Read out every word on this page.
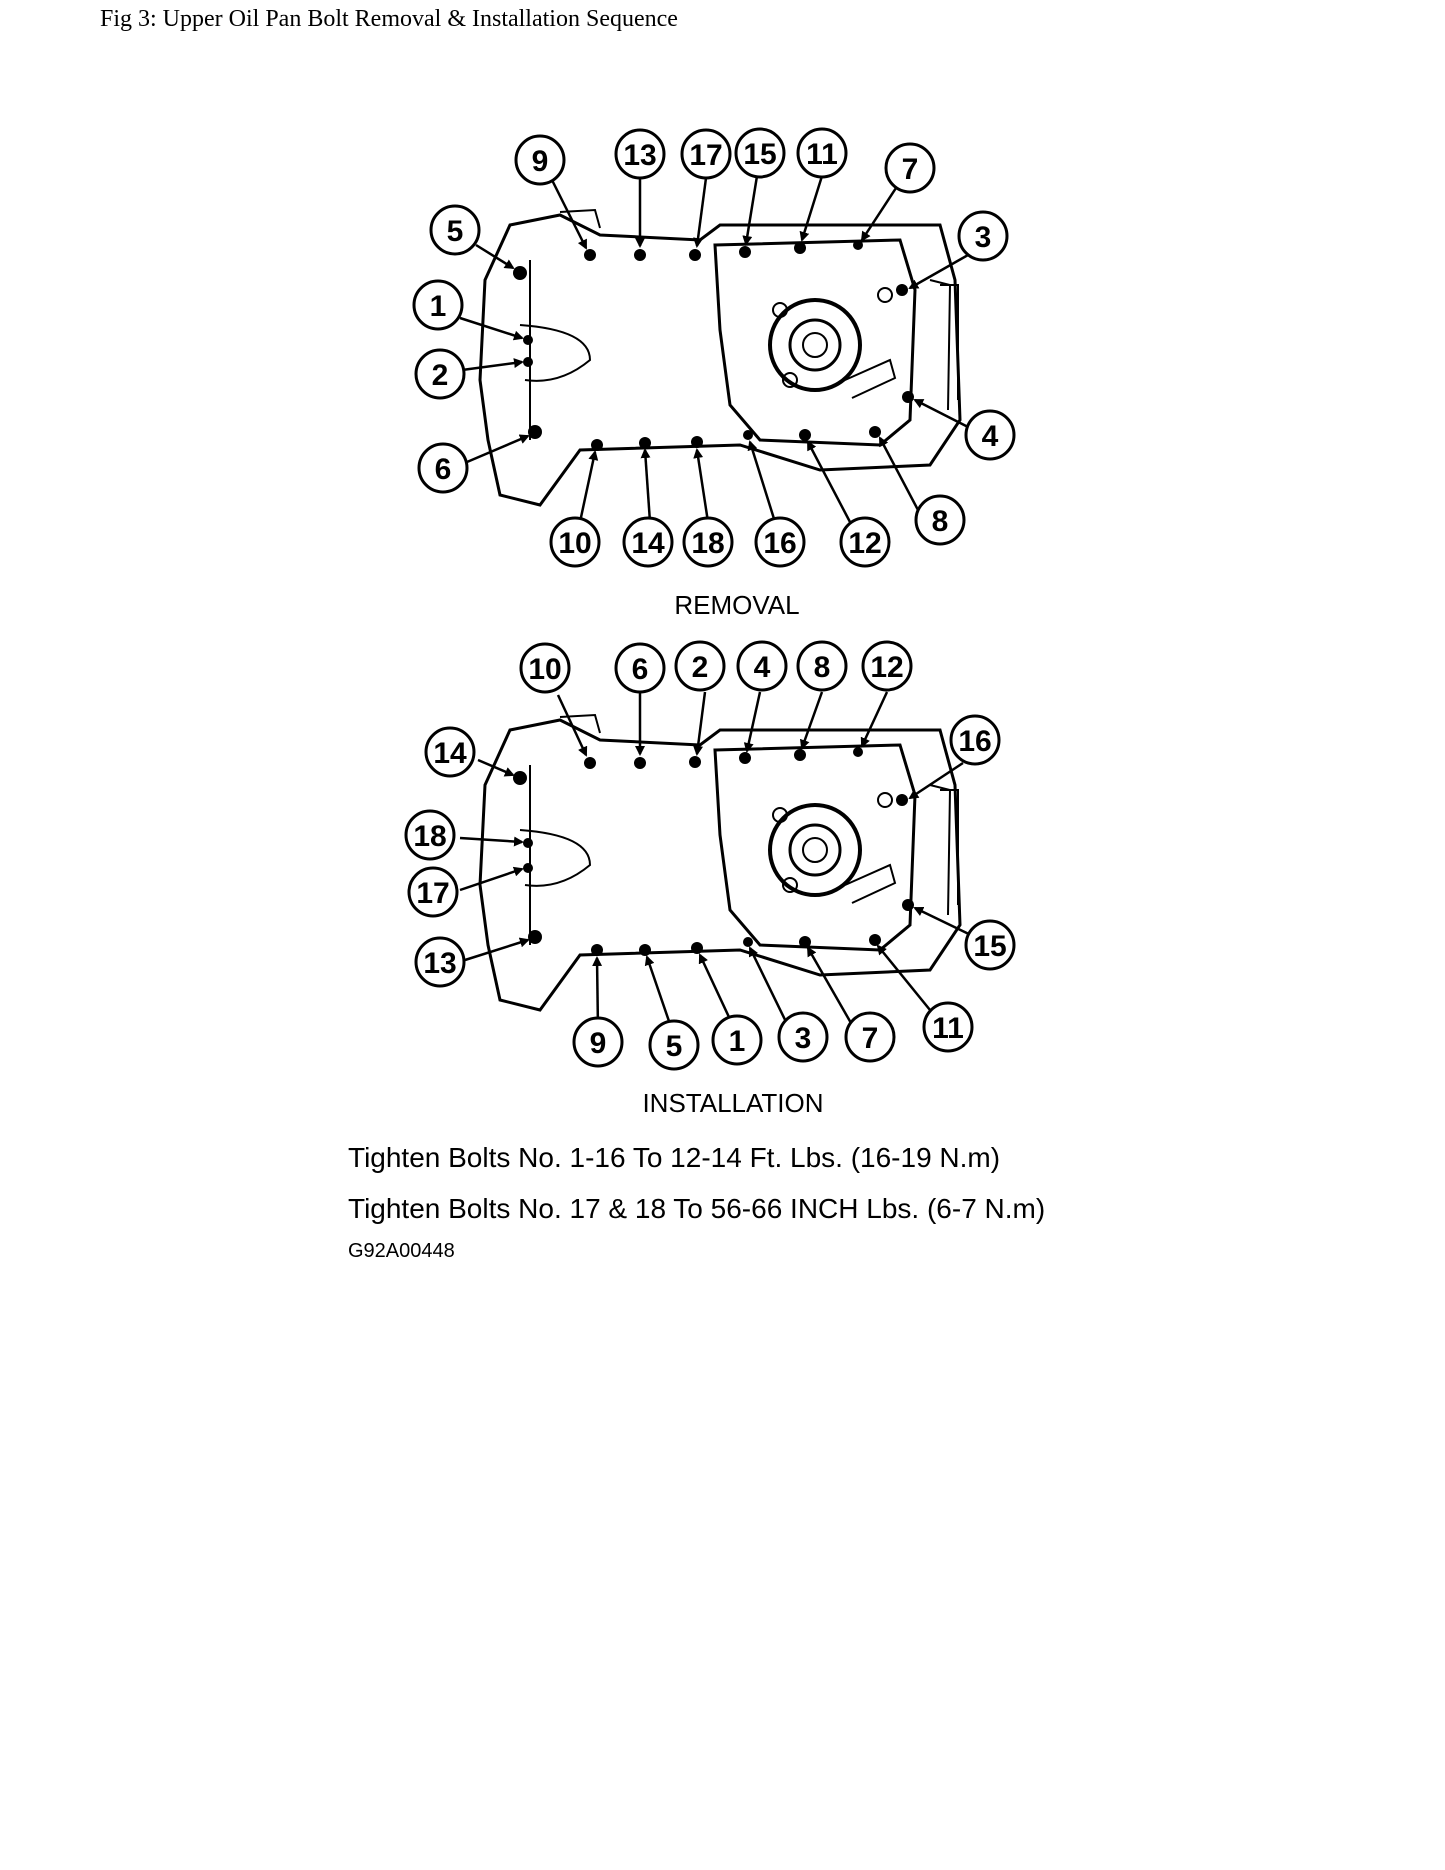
Fig 3: Upper Oil Pan Bolt Removal & Installation Sequence
9 13 17 15 11 7
5	3
1
2
4
6
10 14 18 16 12
8
REMOVAL
10 6 2 4 8 12
14	16
18
17
15
13
9 5 1 3 7 11
INSTALLATION
Tighten Bolts No. 1-16 To 12-14 Ft. Lbs. (16-19 N.m)
Tighten Bolts No. 17 & 18 To 56-66 INCH Lbs. (6-7 N.m)
G92A00448
